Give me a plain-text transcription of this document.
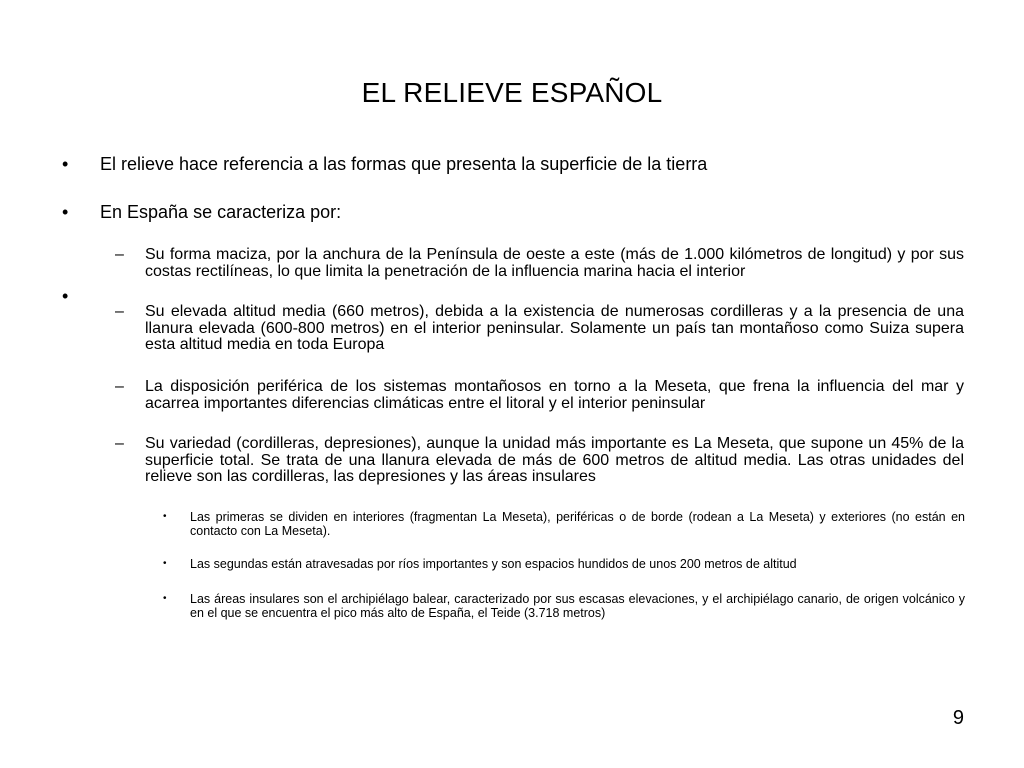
EL RELIEVE ESPAÑOL
• El relieve hace referencia a las formas que presenta la superficie de la tierra
• En España se caracteriza por:
– Su forma maciza, por la anchura de la Península de oeste a este (más de 1.000 kilómetros de longitud) y por sus costas rectilíneas, lo que limita la penetración de la influencia marina hacia el interior
•
– Su elevada altitud media (660 metros), debida a la existencia de numerosas cordilleras y a la presencia de una llanura elevada (600-800 metros) en el interior peninsular. Solamente un país tan montañoso como Suiza supera esta altitud media en toda Europa
– La disposición periférica de los sistemas montañosos en torno a la Meseta, que frena la influencia del mar y acarrea importantes diferencias climáticas entre el litoral y el interior peninsular
– Su variedad (cordilleras, depresiones), aunque la unidad más importante es La Meseta, que supone un 45% de la superficie total. Se trata de una llanura elevada de más de 600 metros de altitud media. Las otras unidades del relieve son las cordilleras, las depresiones y las áreas insulares
• Las primeras se dividen en interiores (fragmentan La Meseta), periféricas o de borde (rodean a La Meseta) y exteriores (no están en contacto con La Meseta).
• Las segundas están atravesadas por ríos importantes y son espacios hundidos de unos 200 metros de altitud
• Las áreas insulares son el archipiélago balear, caracterizado por sus escasas elevaciones, y el archipiélago canario, de origen volcánico y en el que se encuentra el pico más alto de España, el Teide (3.718 metros)
9
